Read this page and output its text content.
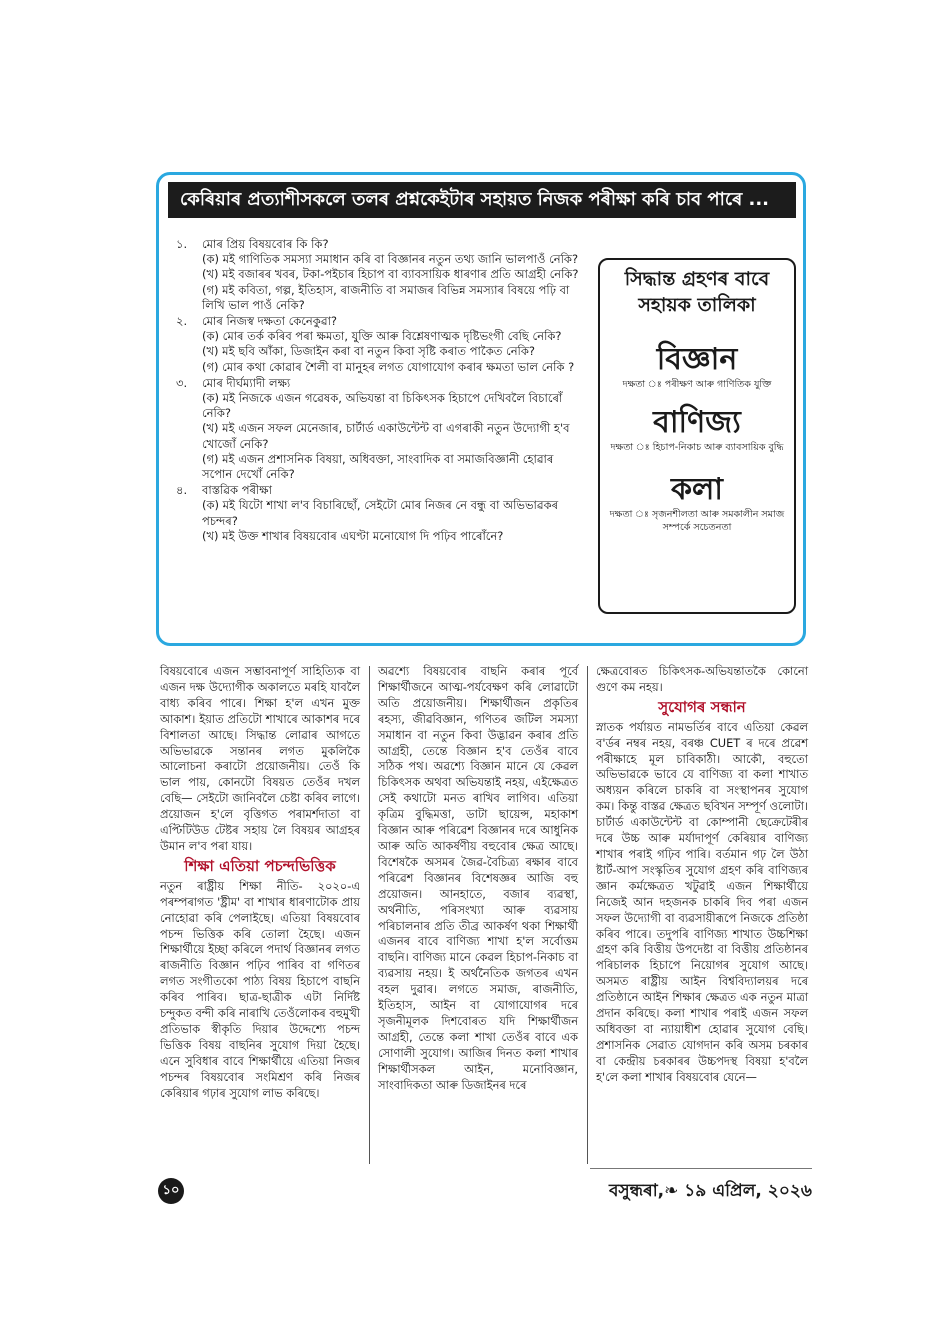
কেৰিয়াৰ প্ৰত্যাশীসকলে তলৰ প্ৰশ্নকেইটাৰ সহায়ত নিজক পৰীক্ষা কৰি চাব পাৰে ...
১.	মোৰ প্ৰিয় বিষয়বোৰ কি কি?
(ক) মই গাণিতিক সমস্যা সমাধান কৰি বা বিজ্ঞানৰ নতুন তথ্য জানি ভালপাওঁ নেকি?
(খ) মই বজাৰৰ খবৰ, টকা-পইচাৰ হিচাপ বা ব্যাবসায়িক ধাৰণাৰ প্ৰতি আগ্ৰহী নেকি?
(গ) মই কবিতা, গল্প, ইতিহাস, ৰাজনীতি বা সমাজৰ বিভিন্ন সমস্যাৰ বিষয়ে পঢ়ি বা লিখি ভাল পাওঁ নেকি?
২.	মোৰ নিজস্ব দক্ষতা কেনেকুৱা?
(ক) মোৰ তৰ্ক কৰিব পৰা ক্ষমতা, যুক্তি আৰু বিশ্লেষণাত্মক দৃষ্টিভংগী বেছি নেকি?
(খ) মই ছবি আঁকা, ডিজাইন কৰা বা নতুন কিবা সৃষ্টি কৰাত পাকৈত নেকি?
(গ) মোৰ কথা কোৱাৰ শৈলী বা মানুহৰ লগত যোগাযোগ কৰাৰ ক্ষমতা ভাল নেকি ?
৩.	মোৰ দীৰ্ঘম্যাদী লক্ষ্য
(ক) মই নিজকে এজন গৱেষক, অভিযন্তা বা চিকিৎসক হিচাপে দেখিবলৈ বিচাৰোঁ নেকি?
(খ) মই এজন সফল মেনেজাৰ, চাৰ্টাৰ্ড একাউন্টেন্ট বা এগৰাকী নতুন উদ্যোগী হ'ব খোজোঁ নেকি?
(গ) মই এজন প্ৰশাসনিক বিষয়া, অধিবক্তা, সাংবাদিক বা সমাজবিজ্ঞানী হোৱাৰ সপোন দেখোঁ নেকি?
৪.	বাস্তৱিক পৰীক্ষা
(ক) মই যিটো শাখা ল'ব বিচাৰিছোঁ, সেইটো মোৰ নিজৰ নে বন্ধু বা অভিভাৱকৰ পচন্দৰ?
(খ) মই উক্ত শাখাৰ বিষয়বোৰ এঘণ্টা মনোযোগ দি পঢ়িব পাৰোঁনে?
সিদ্ধান্ত গ্ৰহণৰ বাবে
সহায়ক তালিকা
বিজ্ঞান
দক্ষতা ঃ পৰীক্ষণ আৰু গাণিতিক যুক্তি
বাণিজ্য
দক্ষতা ঃ হিচাপ-নিকাচ আৰু ব্যাবসায়িক বুদ্ধি
কলা
দক্ষতা ঃ সৃজনশীলতা আৰু সমকালীন সমাজ সম্পৰ্কে সচেতনতা

বিষয়বোৰে এজন সম্ভাবনাপূৰ্ণ সাহিত্যিক বা এজন দক্ষ উদ্যোগীক অকালতে মৰহি যাবলৈ বাধ্য কৰিব পাৰে। শিক্ষা হ'ল এখন মুক্ত আকাশ। ইয়াত প্ৰতিটো শাখাৰে আকাশৰ দৰে বিশালতা আছে। সিদ্ধান্ত লোৱাৰ আগতে অভিভাৱকে সন্তানৰ লগত মুকলিকৈ আলোচনা কৰাটো প্ৰয়োজনীয়। তেওঁ কি ভাল পায়, কোনটো বিষয়ত তেওঁৰ দখল বেছি— সেইটো জানিবলৈ চেষ্টা কৰিব লাগে। প্ৰয়োজন হ'লে বৃত্তিগত পৰামৰ্শদাতা বা এপ্টিটিউড টেষ্টৰ সহায় লৈ বিষয়ৰ আগ্ৰহৰ উমান ল'ব পৰা যায়।

শিক্ষা এতিয়া পচন্দভিত্তিক

নতুন ৰাষ্ট্ৰীয় শিক্ষা নীতি- ২০২০-এ পৰম্পৰাগত 'ষ্ট্ৰীম' বা শাখাৰ ধাৰণাটোক প্ৰায় নোহোৱা কৰি পেলাইছে। এতিয়া বিষয়বোৰ পচন্দ ভিত্তিক কৰি তোলা হৈছে। এজন শিক্ষাৰ্থীয়ে ইচ্ছা কৰিলে পদাৰ্থ বিজ্ঞানৰ লগত ৰাজনীতি বিজ্ঞান পঢ়িব পাৰিব বা গণিতৰ লগত সংগীতকো পাঠ্য বিষয় হিচাপে বাছনি কৰিব পাৰিব। ছাত্ৰ-ছাত্ৰীক এটা নিৰ্দিষ্ট চন্দুকত বন্দী কৰি নাৰাখি তেওঁলোকৰ বহুমুখী প্ৰতিভাক স্বীকৃতি দিয়াৰ উদ্দেশ্যে পচন্দ ভিত্তিক বিষয় বাছনিৰ সুযোগ দিয়া হৈছে। এনে সুবিধাৰ বাবে শিক্ষাৰ্থীয়ে এতিয়া নিজৰ পচন্দৰ বিষয়বোৰ সংমিশ্ৰণ কৰি নিজৰ কেৰিয়াৰ গঢ়াৰ সুযোগ লাভ কৰিছে।

অৱশ্যে বিষয়বোৰ বাছনি কৰাৰ পূৰ্বে শিক্ষাৰ্থীজনে আত্ম-পৰ্যবেক্ষণ কৰি লোৱাটো অতি প্ৰয়োজনীয়। শিক্ষাৰ্থীজন প্ৰকৃতিৰ ৰহস্য, জীৱবিজ্ঞান, গণিতৰ জটিল সমস্যা সমাধান বা নতুন কিবা উদ্ভাৱন কৰাৰ প্ৰতি আগ্ৰহী, তেন্তে বিজ্ঞান হ'ব তেওঁৰ বাবে সঠিক পথ। অৱশ্যে বিজ্ঞান মানে যে কেৱল চিকিৎসক অথবা অভিযন্তাই নহয়, এইক্ষেত্ৰত সেই কথাটো মনত ৰাখিব লাগিব। এতিয়া কৃত্ৰিম বুদ্ধিমত্তা, ডাটা ছায়েন্স, মহাকাশ বিজ্ঞান আৰু পৰিৱেশ বিজ্ঞানৰ দৰে আধুনিক আৰু অতি আকৰ্ষণীয় বহুবোৰ ক্ষেত্ৰ আছে। বিশেষকৈ অসমৰ জৈৱ-বৈচিত্ৰ্য ৰক্ষাৰ বাবে পৰিৱেশ বিজ্ঞানৰ বিশেষজ্ঞৰ আজি বহু প্ৰয়োজন। আনহাতে, বজাৰ ব্যৱস্থা, অৰ্থনীতি, পৰিসংখ্যা আৰু ব্যৱসায় পৰিচালনাৰ প্ৰতি তীব্ৰ আকৰ্ষণ থকা শিক্ষাৰ্থী এজনৰ বাবে বাণিজ্য শাখা হ'ল সৰ্বোত্তম বাছনি। বাণিজ্য মানে কেৱল হিচাপ-নিকাচ বা ব্যৱসায় নহয়। ই অৰ্থনৈতিক জগতৰ এখন বহল দুৱাৰ। লগতে সমাজ, ৰাজনীতি, ইতিহাস, আইন বা যোগাযোগৰ দৰে সৃজনীমূলক দিশবোৰত যদি শিক্ষাৰ্থীজন আগ্ৰহী, তেন্তে কলা শাখা তেওঁৰ বাবে এক সোণালী সুযোগ। আজিৰ দিনত কলা শাখাৰ শিক্ষাৰ্থীসকল আইন, মনোবিজ্ঞান, সাংবাদিকতা আৰু ডিজাইনৰ দৰে

ক্ষেত্ৰবোৰত চিকিৎসক-অভিযন্তাতকৈ কোনো গুণে কম নহয়।

সুযোগৰ সন্ধান

স্নাতক পৰ্যায়ত নামভৰ্তিৰ বাবে এতিয়া কেৱল ব'ৰ্ডৰ নম্বৰ নহয়, বৰঞ্চ CUET ৰ দৰে প্ৰৱেশ পৰীক্ষাহে মূল চাবিকাঠী। আকৌ, বহুতো অভিভাৱকে ভাবে যে বাণিজ্য বা কলা শাখাত অধ্যয়ন কৰিলে চাকৰি বা সংস্থাপনৰ সুযোগ কম। কিন্তু বাস্তৱ ক্ষেত্ৰত ছবিখন সম্পূৰ্ণ ওলোটা। চাৰ্টাৰ্ড একাউন্টেন্ট বা কোম্পানী ছেক্ৰেটেৰীৰ দৰে উচ্চ আৰু মৰ্যাদাপূৰ্ণ কেৰিয়াৰ বাণিজ্য শাখাৰ পৰাই গঢ়িব পাৰি। বৰ্তমান গঢ় লৈ উঠা ষ্টাৰ্ট-আপ সংস্কৃতিৰ সুযোগ গ্ৰহণ কৰি বাণিজ্যৰ জ্ঞান কৰ্মক্ষেত্ৰত খটুৱাই এজন শিক্ষাৰ্থীয়ে নিজেই আন দহজনক চাকৰি দিব পৰা এজন সফল উদ্যোগী বা ব্যৱসায়ীৰূপে নিজকে প্ৰতিষ্ঠা কৰিব পাৰে। তদুপৰি বাণিজ্য শাখাত উচ্চশিক্ষা গ্ৰহণ কৰি বিত্তীয় উপদেষ্টা বা বিত্তীয় প্ৰতিষ্ঠানৰ পৰিচালক হিচাপে নিয়োগৰ সুযোগ আছে। অসমত ৰাষ্ট্ৰীয় আইন বিশ্ববিদ্যালয়ৰ দৰে প্ৰতিষ্ঠানে আইন শিক্ষাৰ ক্ষেত্ৰত এক নতুন মাত্ৰা প্ৰদান কৰিছে। কলা শাখাৰ পৰাই এজন সফল অধিবক্তা বা ন্যায়াধীশ হোৱাৰ সুযোগ বেছি। প্ৰশাসনিক সেৱাত যোগদান কৰি অসম চৰকাৰ বা কেন্দ্ৰীয় চৰকাৰৰ উচ্চপদস্থ বিষয়া হ'বলৈ হ'লে কলা শাখাৰ বিষয়বোৰ যেনে—

১০	বসুন্ধৰা,❧ ১৯ এপ্ৰিল, ২০২৬
